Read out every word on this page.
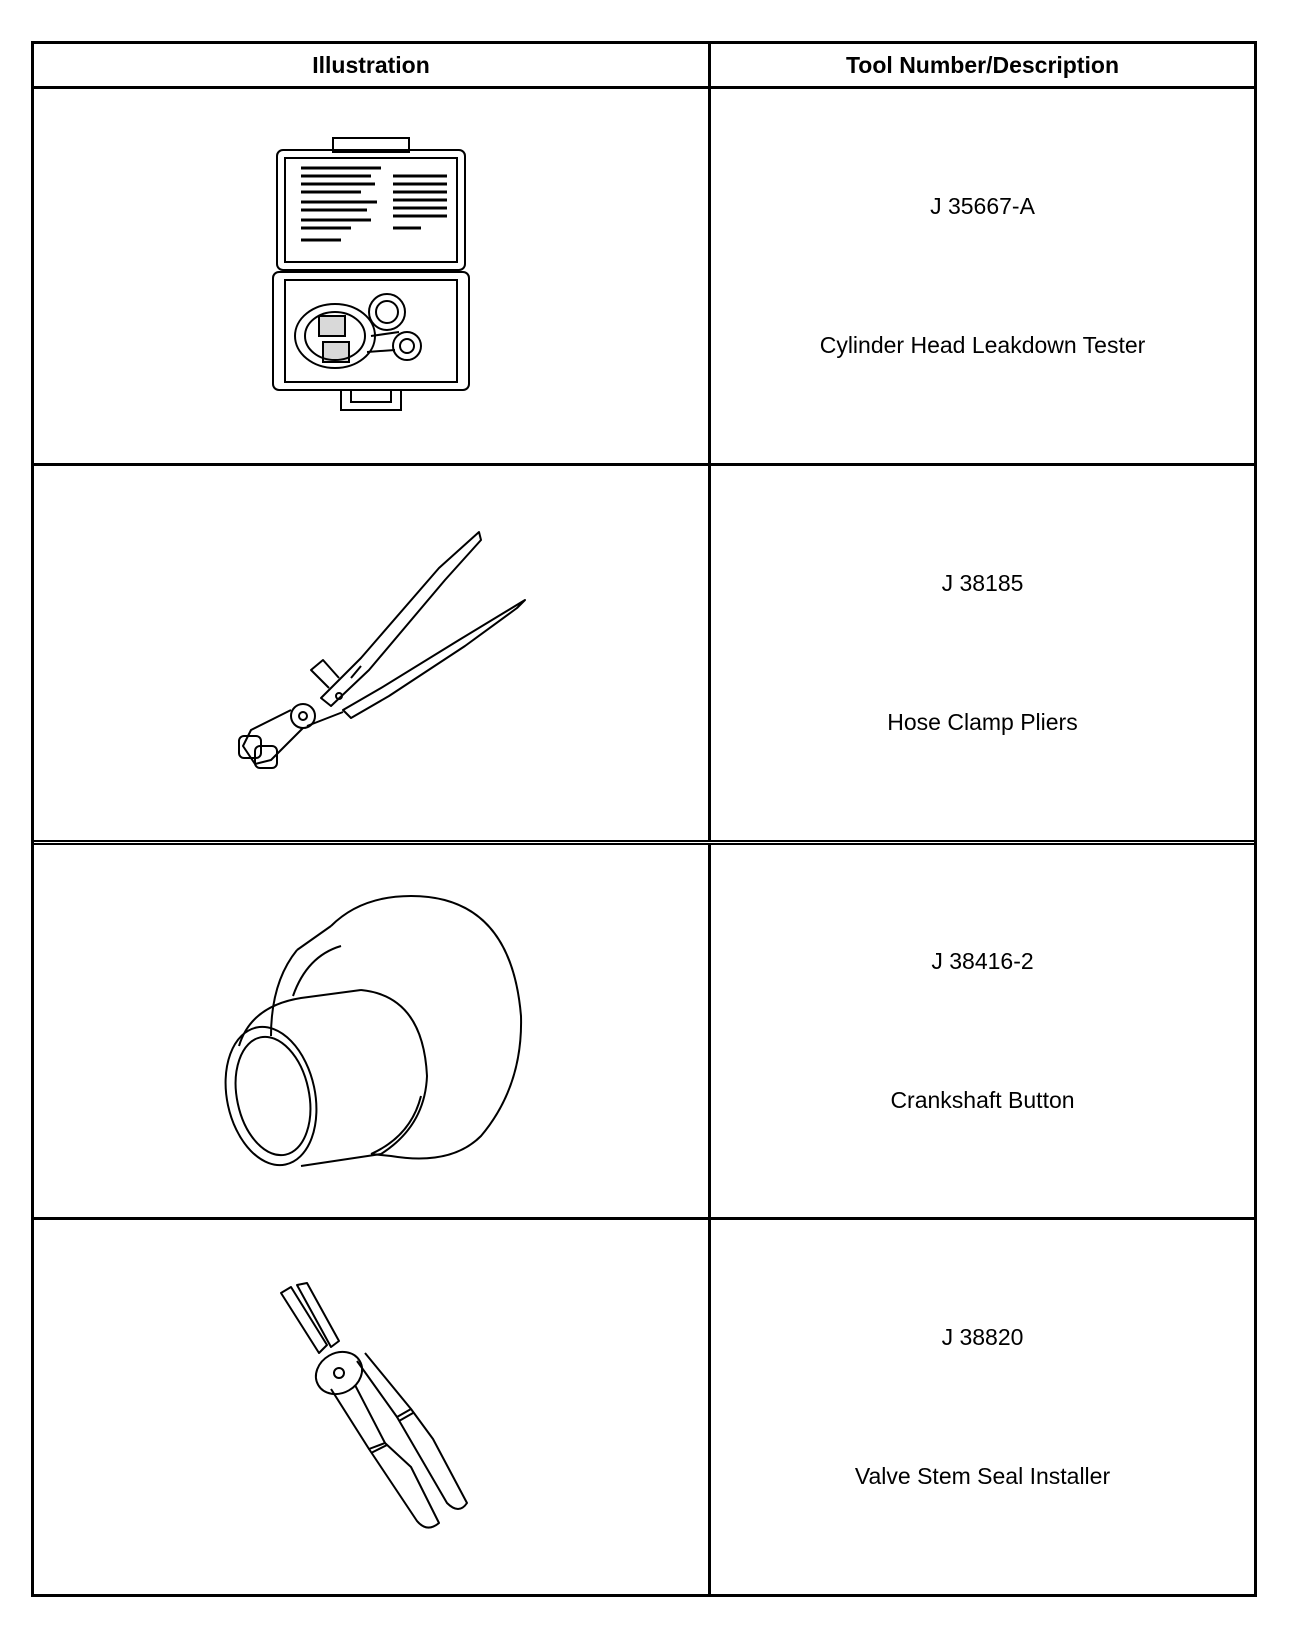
Illustration	Tool Number/Description
J 35667-A
Cylinder Head Leakdown Tester
J 38185
Hose Clamp Pliers
J 38416-2
Crankshaft Button
J 38820
Valve Stem Seal Installer
